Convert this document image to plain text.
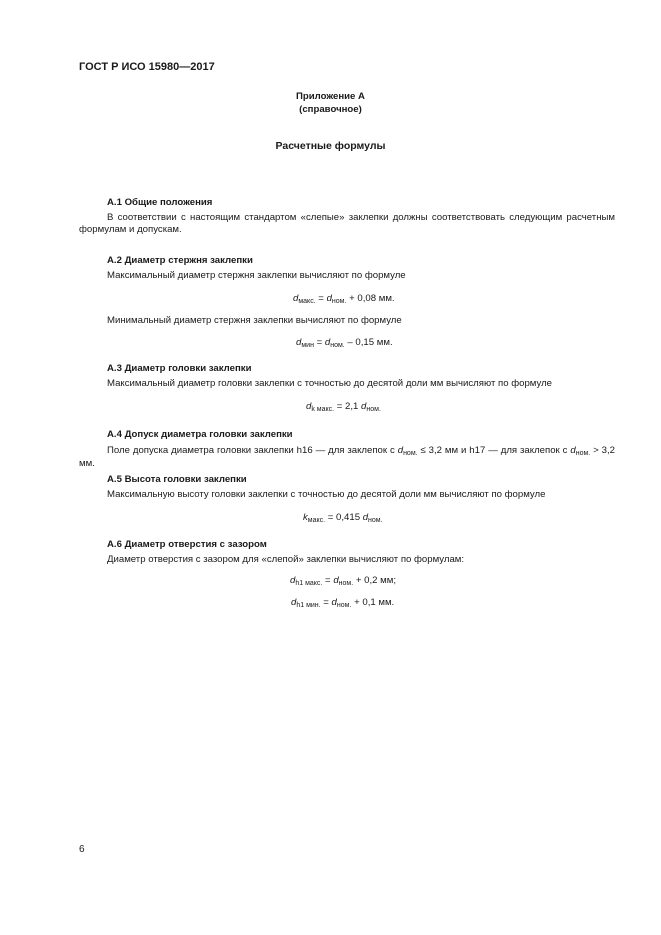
ГОСТ Р ИСО 15980—2017
Приложение А
(справочное)
Расчетные формулы
А.1 Общие положения
В соответствии с настоящим стандартом «слепые» заклепки должны соответствовать следующим расчетным формулам и допускам.
А.2 Диаметр стержня заклепки
Максимальный диаметр стержня заклепки вычисляют по формуле
$d_{макс.} = d_{ном.} + 0,08$ мм.
Минимальный диаметр стержня заклепки вычисляют по формуле
$d_{мин} = d_{ном.} - 0,15$ мм.
А.3 Диаметр головки заклепки
Максимальный диаметр головки заклепки с точностью до десятой доли мм вычисляют по формуле
$d_{k макс.} = 2,1$ $d_{ном.}$
А.4 Допуск диаметра головки заклепки
Поле допуска диаметра головки заклепки h16 — для заклепок с $d_{ном.} \le 3,2$ мм и h17 — для заклепок с $d_{ном.} > 3,2$ мм.
А.5 Высота головки заклепки
Максимальную высоту головки заклепки с точностью до десятой доли мм вычисляют по формуле
$k_{макс.} = 0,415$ $d_{ном.}$
А.6 Диаметр отверстия с зазором
Диаметр отверстия с зазором для «слепой» заклепки вычисляют по формулам:
$d_{h1 макс.} = d_{ном.} + 0,2$ мм;
$d_{h1 мин.} = d_{ном.} + 0,1$ мм.
6
